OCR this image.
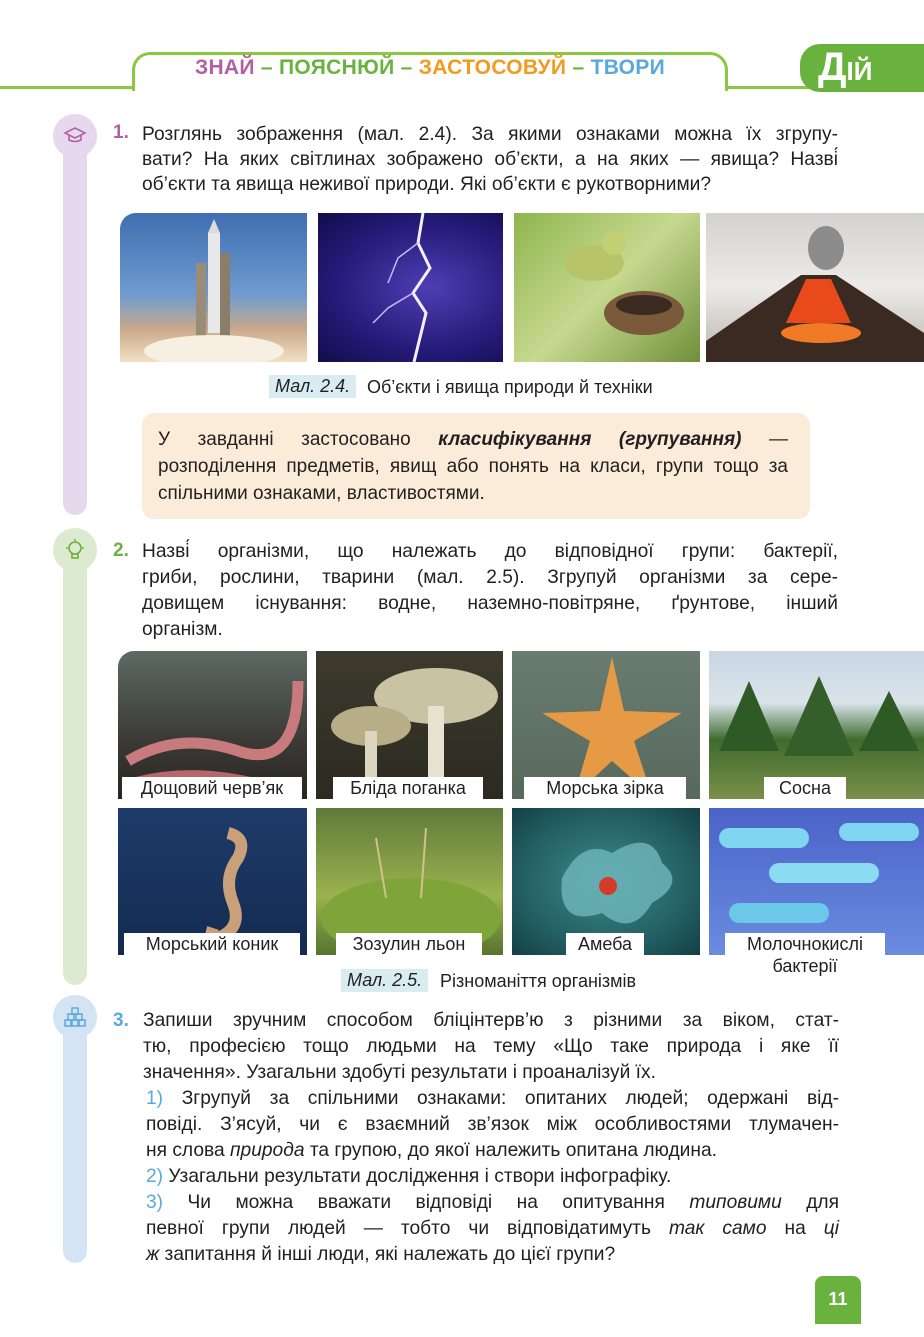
ЗНАЙ – ПОЯСНЮЙ – ЗАСТОСОВУЙ – ТВОРИ	ДІЙ
1. Розглянь зображення (мал. 2.4). За якими ознаками можна їх згрупу-
вати? На яких світлинах зображено об’єкти, а на яких — явища? Назві́
об’єкти та явища неживої природи. Які об’єкти є рукотворними?
Мал. 2.4. Об’єкти і явища природи й техніки
У завданні застосовано класифікування (групування) — розподілення предметів, явищ або понять на класи, групи тощо за спільними ознаками, властивостями.
2. Назві́ організми, що належать до відповідної групи: бактерії,
гриби, рослини, тварини (мал. 2.5). Згрупуй організми за сере-
довищем існування: водне, наземно-повітряне, ґрунтове, інший
організм.
Дощовий черв’як	Бліда поганка	Морська зірка	Сосна
Морський коник	Зозулин льон	Амеба	Молочнокислі
бактерії
Мал. 2.5. Різноманіття організмів
3. Запиши зручним способом бліцінтерв’ю з різними за віком, стат-
тю, професією тощо людьми на тему «Що таке природа і яке її
значення». Узагальни здобуті результати і проаналізуй їх.
1) Згрупуй за спільними ознаками: опитаних людей; одержані від-
повіді. З’ясуй, чи є взаємний зв’язок між особливостями тлумачен-
ня слова природа та групою, до якої належить опитана людина.
2) Узагальни результати дослідження і створи інфографіку.
3) Чи можна вважати відповіді на опитування типовими для
певної групи людей — тобто чи відповідатимуть так само на ці
ж запитання й інші люди, які належать до цієї групи?
11
